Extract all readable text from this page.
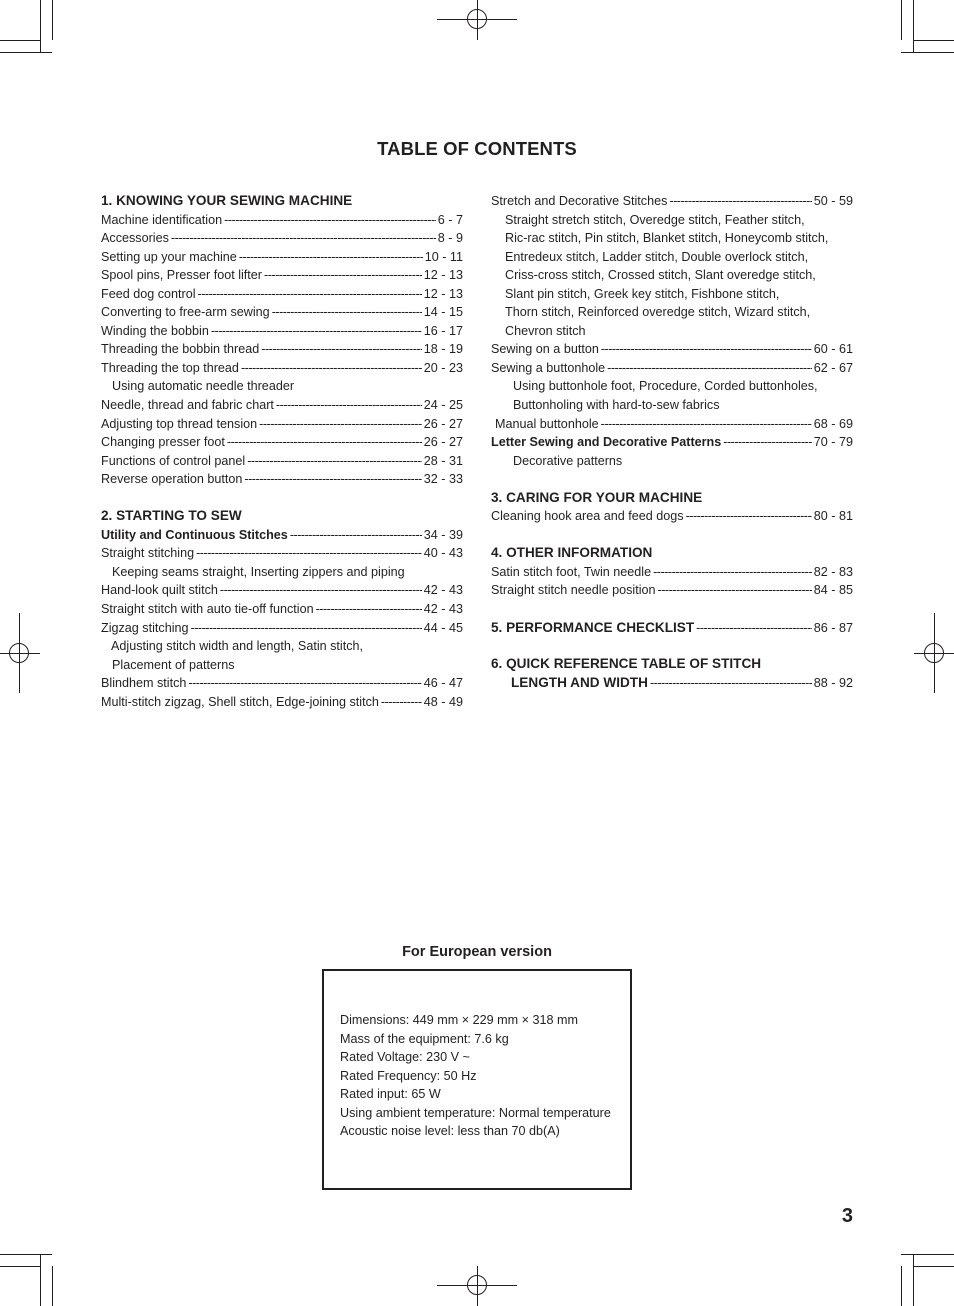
TABLE OF CONTENTS
1. KNOWING YOUR SEWING MACHINE
Machine identification -----	6 - 7
Accessories -----	8 - 9
Setting up your machine -----	10 - 11
Spool pins, Presser foot lifter -----	12 - 13
Feed dog control -----	12 - 13
Converting to free-arm sewing -----	14 - 15
Winding the bobbin -----	16 - 17
Threading the bobbin thread -----	18 - 19
Threading the top thread -----	20 - 23
Using automatic needle threader
Needle, thread and fabric chart -----	24 - 25
Adjusting top thread tension -----	26 - 27
Changing presser foot -----	26 - 27
Functions of control panel -----	28 - 31
Reverse operation button -----	32 - 33
2. STARTING TO SEW
Utility and Continuous Stitches -----	34 - 39
Straight stitching -----	40 - 43
Keeping seams straight, Inserting zippers and piping
Hand-look quilt stitch -----	42 - 43
Straight stitch with auto tie-off function -----	42 - 43
Zigzag stitching -----	44 - 45
Adjusting stitch width and length, Satin stitch,
Placement of patterns
Blindhem stitch -----	46 - 47
Multi-stitch zigzag, Shell stitch, Edge-joining stitch -----	48 - 49
Stretch and Decorative Stitches -----	50 - 59
Straight stretch stitch, Overedge stitch, Feather stitch,
Ric-rac stitch, Pin stitch, Blanket stitch, Honeycomb stitch,
Entredeux stitch, Ladder stitch, Double overlock stitch,
Criss-cross stitch, Crossed stitch, Slant overedge stitch,
Slant pin stitch, Greek key stitch, Fishbone stitch,
Thorn stitch, Reinforced overedge stitch, Wizard stitch,
Chevron stitch
Sewing on a button -----	60 - 61
Sewing a buttonhole -----	62 - 67
Using buttonhole foot, Procedure, Corded buttonholes,
Buttonholing with hard-to-sew fabrics
Manual buttonhole -----	68 - 69
Letter Sewing and Decorative Patterns -----	70 - 79
Decorative patterns
3. CARING FOR YOUR MACHINE
Cleaning hook area and feed dogs -----	80 - 81
4. OTHER INFORMATION
Satin stitch foot, Twin needle -----	82 - 83
Straight stitch needle position -----	84 - 85
5. PERFORMANCE CHECKLIST -----	86 - 87
6. QUICK REFERENCE TABLE OF STITCH
LENGTH AND WIDTH -----	88 - 92
For European version
Dimensions: 449 mm × 229 mm × 318 mm
Mass of the equipment: 7.6 kg
Rated Voltage: 230 V ~
Rated Frequency: 50 Hz
Rated input: 65 W
Using ambient temperature: Normal temperature
Acoustic noise level: less than 70 db(A)
3
